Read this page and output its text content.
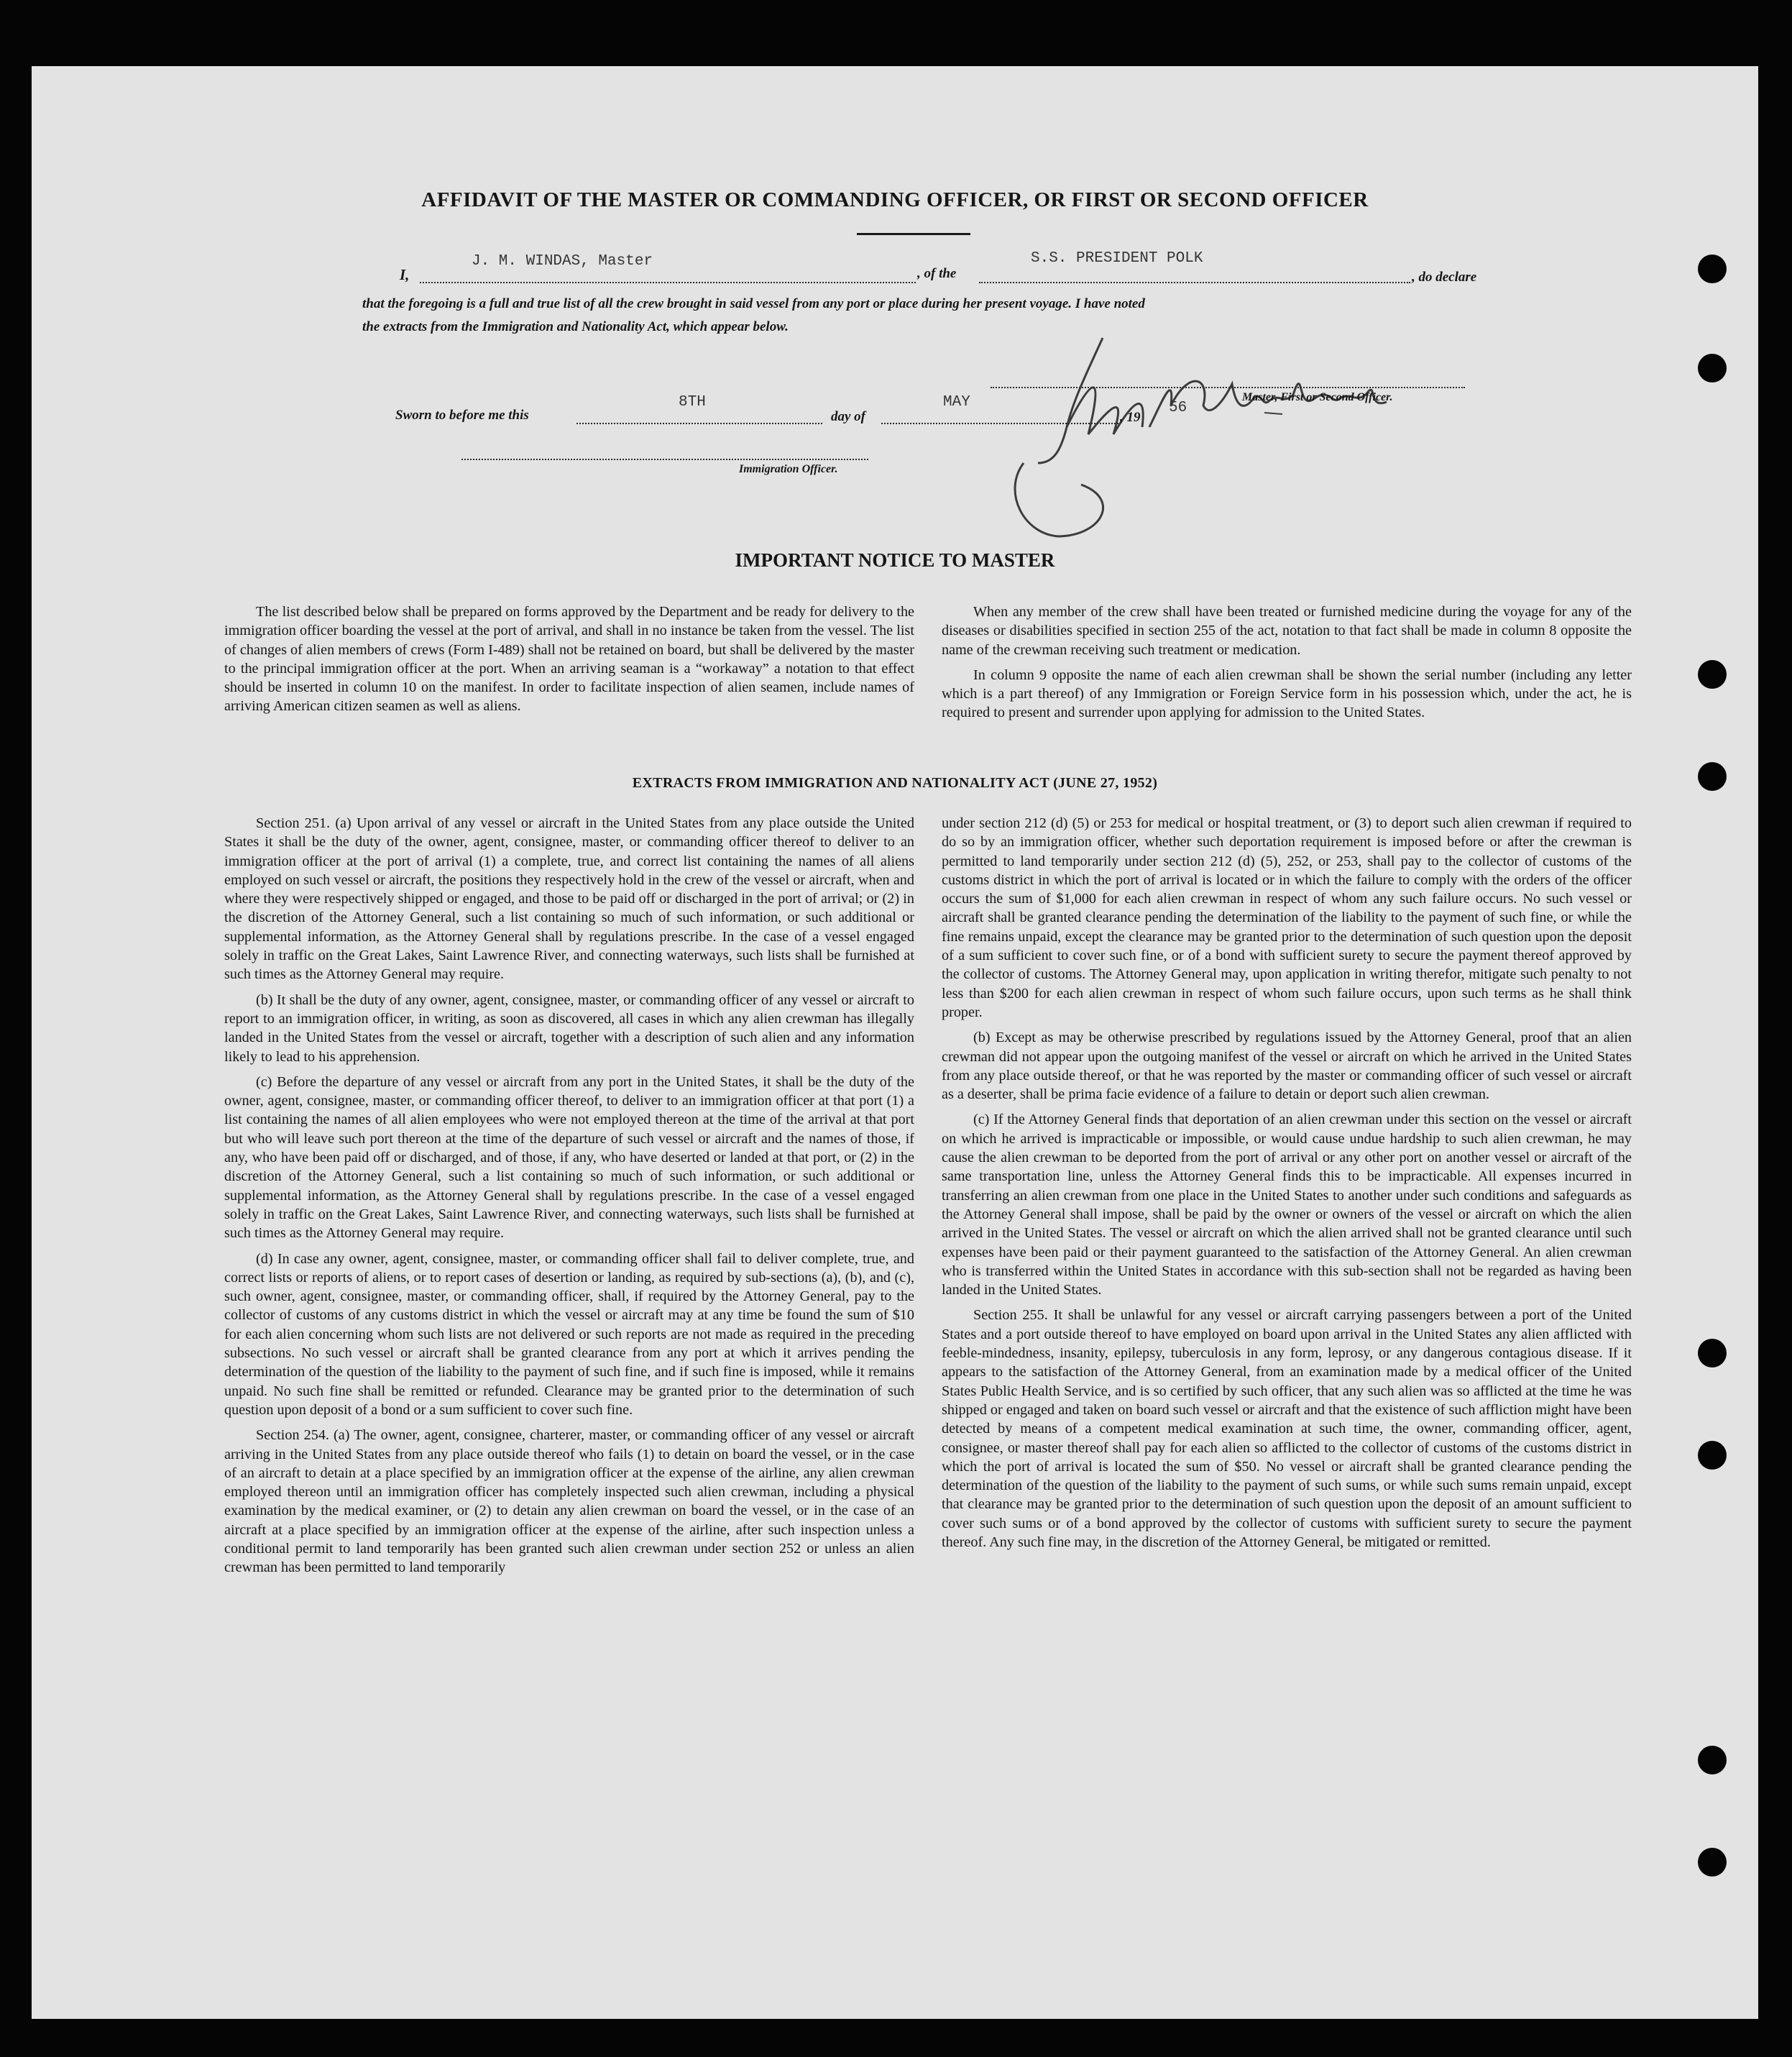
AFFIDAVIT OF THE MASTER OR COMMANDING OFFICER, OR FIRST OR SECOND OFFICER
I,
J. M. WINDAS, Master
, of the
S.S. PRESIDENT POLK
, do declare
that the foregoing is a full and true list of all the crew brought in said vessel from any port or place during her present voyage. I have noted
the extracts from the Immigration and Nationality Act, which appear below.
Master, First or Second Officer.
Sworn to before me this
8TH
day of
MAY
, 19
56
Immigration Officer.
IMPORTANT NOTICE TO MASTER

The list described below shall be prepared on forms approved by the Department and be ready for delivery to the immigration officer boarding the vessel at the port of arrival, and shall in no instance be taken from the vessel. The list of changes of alien members of crews (Form I-489) shall not be retained on board, but shall be delivered by the master to the principal immigration officer at the port. When an arriving seaman is a “workaway” a notation to that effect should be inserted in column 10 on the manifest. In order to facilitate inspection of alien seamen, include names of arriving American citizen seamen as well as aliens.

When any member of the crew shall have been treated or furnished medicine during the voyage for any of the diseases or disabilities specified in section 255 of the act, notation to that fact shall be made in column 8 opposite the name of the crewman receiving such treatment or medication.

In column 9 opposite the name of each alien crewman shall be shown the serial number (including any letter which is a part thereof) of any Immigration or Foreign Service form in his possession which, under the act, he is required to present and surrender upon applying for admission to the United States.

EXTRACTS FROM IMMIGRATION AND NATIONALITY ACT (JUNE 27, 1952)

Section 251. (a) Upon arrival of any vessel or aircraft in the United States from any place outside the United States it shall be the duty of the owner, agent, consignee, master, or commanding officer thereof to deliver to an immigration officer at the port of arrival (1) a complete, true, and correct list containing the names of all aliens employed on such vessel or aircraft, the positions they respectively hold in the crew of the vessel or aircraft, when and where they were respectively shipped or engaged, and those to be paid off or discharged in the port of arrival; or (2) in the discretion of the Attorney General, such a list containing so much of such information, or such additional or supplemental information, as the Attorney General shall by regulations prescribe. In the case of a vessel engaged solely in traffic on the Great Lakes, Saint Lawrence River, and connecting waterways, such lists shall be furnished at such times as the Attorney General may require.

(b) It shall be the duty of any owner, agent, consignee, master, or commanding officer of any vessel or aircraft to report to an immigration officer, in writing, as soon as discovered, all cases in which any alien crewman has illegally landed in the United States from the vessel or aircraft, together with a description of such alien and any information likely to lead to his apprehension.

(c) Before the departure of any vessel or aircraft from any port in the United States, it shall be the duty of the owner, agent, consignee, master, or commanding officer thereof, to deliver to an immigration officer at that port (1) a list containing the names of all alien employees who were not employed thereon at the time of the arrival at that port but who will leave such port thereon at the time of the departure of such vessel or aircraft and the names of those, if any, who have been paid off or discharged, and of those, if any, who have deserted or landed at that port, or (2) in the discretion of the Attorney General, such a list containing so much of such information, or such additional or supplemental information, as the Attorney General shall by regulations prescribe. In the case of a vessel engaged solely in traffic on the Great Lakes, Saint Lawrence River, and connecting waterways, such lists shall be furnished at such times as the Attorney General may require.

(d) In case any owner, agent, consignee, master, or commanding officer shall fail to deliver complete, true, and correct lists or reports of aliens, or to report cases of desertion or landing, as required by sub-sections (a), (b), and (c), such owner, agent, consignee, master, or commanding officer, shall, if required by the Attorney General, pay to the collector of customs of any customs district in which the vessel or aircraft may at any time be found the sum of $10 for each alien concerning whom such lists are not delivered or such reports are not made as required in the preceding subsections. No such vessel or aircraft shall be granted clearance from any port at which it arrives pending the determination of the question of the liability to the payment of such fine, and if such fine is imposed, while it remains unpaid. No such fine shall be remitted or refunded. Clearance may be granted prior to the determination of such question upon deposit of a bond or a sum sufficient to cover such fine.

Section 254. (a) The owner, agent, consignee, charterer, master, or commanding officer of any vessel or aircraft arriving in the United States from any place outside thereof who fails (1) to detain on board the vessel, or in the case of an aircraft to detain at a place specified by an immigration officer at the expense of the airline, any alien crewman employed thereon until an immigration officer has completely inspected such alien crewman, including a physical examination by the medical examiner, or (2) to detain any alien crewman on board the vessel, or in the case of an aircraft at a place specified by an immigration officer at the expense of the airline, after such inspection unless a conditional permit to land temporarily has been granted such alien crewman under section 252 or unless an alien crewman has been permitted to land temporarily

under section 212 (d) (5) or 253 for medical or hospital treatment, or (3) to deport such alien crewman if required to do so by an immigration officer, whether such deportation requirement is imposed before or after the crewman is permitted to land temporarily under section 212 (d) (5), 252, or 253, shall pay to the collector of customs of the customs district in which the port of arrival is located or in which the failure to comply with the orders of the officer occurs the sum of $1,000 for each alien crewman in respect of whom any such failure occurs. No such vessel or aircraft shall be granted clearance pending the determination of the liability to the payment of such fine, or while the fine remains unpaid, except the clearance may be granted prior to the determination of such question upon the deposit of a sum sufficient to cover such fine, or of a bond with sufficient surety to secure the payment thereof approved by the collector of customs. The Attorney General may, upon application in writing therefor, mitigate such penalty to not less than $200 for each alien crewman in respect of whom such failure occurs, upon such terms as he shall think proper.

(b) Except as may be otherwise prescribed by regulations issued by the Attorney General, proof that an alien crewman did not appear upon the outgoing manifest of the vessel or aircraft on which he arrived in the United States from any place outside thereof, or that he was reported by the master or commanding officer of such vessel or aircraft as a deserter, shall be prima facie evidence of a failure to detain or deport such alien crewman.

(c) If the Attorney General finds that deportation of an alien crewman under this section on the vessel or aircraft on which he arrived is impracticable or impossible, or would cause undue hardship to such alien crewman, he may cause the alien crewman to be deported from the port of arrival or any other port on another vessel or aircraft of the same transportation line, unless the Attorney General finds this to be impracticable. All expenses incurred in transferring an alien crewman from one place in the United States to another under such conditions and safeguards as the Attorney General shall impose, shall be paid by the owner or owners of the vessel or aircraft on which the alien arrived in the United States. The vessel or aircraft on which the alien arrived shall not be granted clearance until such expenses have been paid or their payment guaranteed to the satisfaction of the Attorney General. An alien crewman who is transferred within the United States in accordance with this sub-section shall not be regarded as having been landed in the United States.

Section 255. It shall be unlawful for any vessel or aircraft carrying passengers between a port of the United States and a port outside thereof to have employed on board upon arrival in the United States any alien afflicted with feeble-mindedness, insanity, epilepsy, tuberculosis in any form, leprosy, or any dangerous contagious disease. If it appears to the satisfaction of the Attorney General, from an examination made by a medical officer of the United States Public Health Service, and is so certified by such officer, that any such alien was so afflicted at the time he was shipped or engaged and taken on board such vessel or aircraft and that the existence of such affliction might have been detected by means of a competent medical examination at such time, the owner, commanding officer, agent, consignee, or master thereof shall pay for each alien so afflicted to the collector of customs of the customs district in which the port of arrival is located the sum of $50. No vessel or aircraft shall be granted clearance pending the determination of the question of the liability to the payment of such sums, or while such sums remain unpaid, except that clearance may be granted prior to the determination of such question upon the deposit of an amount sufficient to cover such sums or of a bond approved by the collector of customs with sufficient surety to secure the payment thereof. Any such fine may, in the discretion of the Attorney General, be mitigated or remitted.
